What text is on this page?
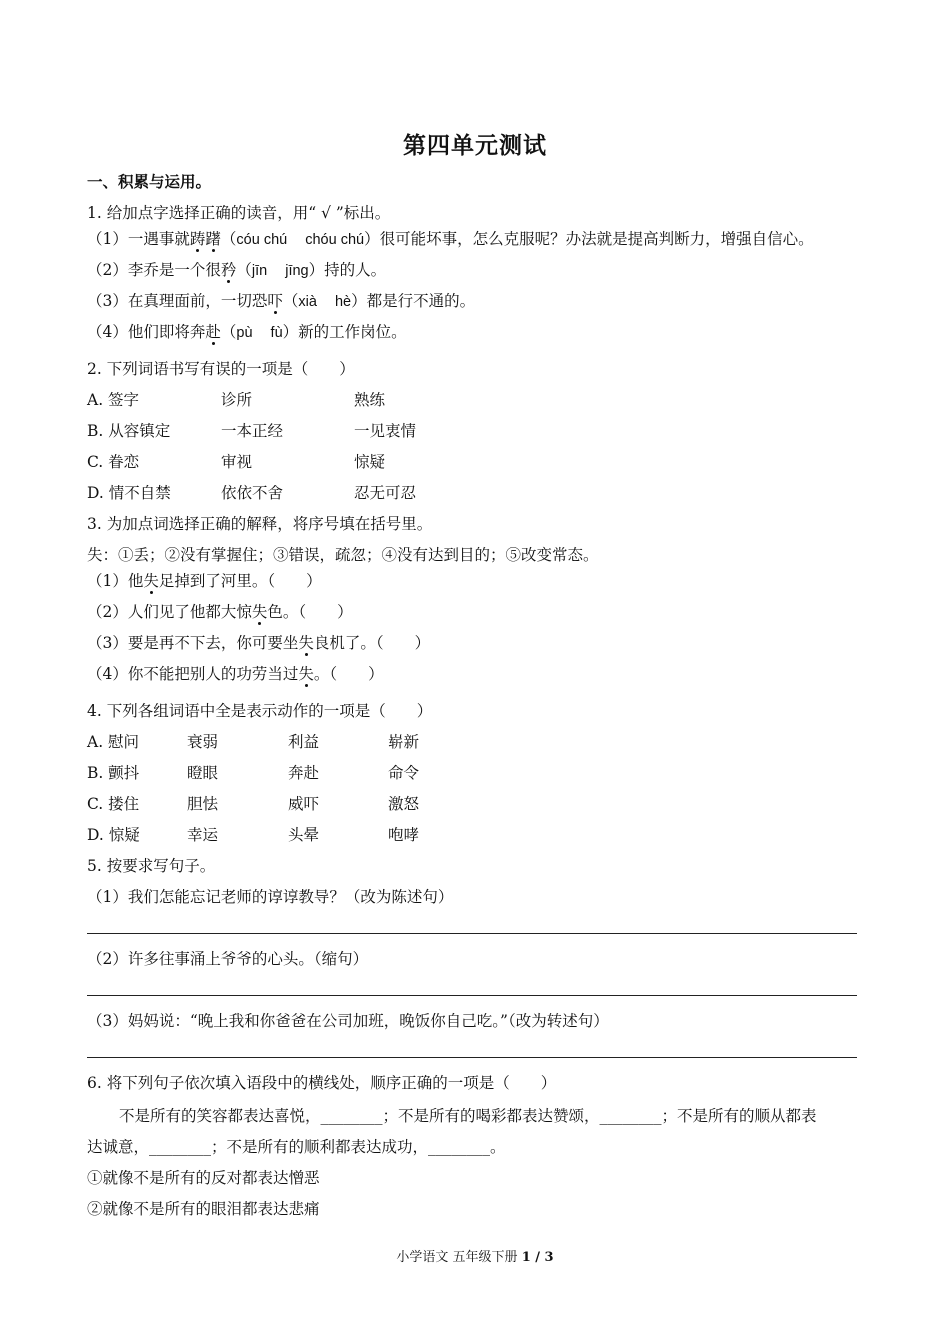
第四单元测试
一、积累与运用。
1. 给加点字选择正确的读音，用“ √ ”标出。
（1）一遇事就踌躇（cóu chú chóu chú）很可能坏事，怎么克服呢？办法就是提高判断力，增强自信心。
（2）李乔是一个很矜（jīn jīng）持的人。
（3）在真理面前，一切恐吓（xià hè）都是行不通的。
（4）他们即将奔赴（pù fù）新的工作岗位。
2. 下列词语书写有误的一项是（　　）
A. 签字	诊所	熟练
B. 从容镇定	一本正经	一见衷情
C. 眷恋	审视	惊疑
D. 情不自禁	依依不舍	忍无可忍
3. 为加点词选择正确的解释，将序号填在括号里。
失：①丢；②没有掌握住；③错误，疏忽；④没有达到目的；⑤改变常态。
（1）他失足掉到了河里。（　　）
（2）人们见了他都大惊失色。（　　）
（3）要是再不下去，你可要坐失良机了。（　　）
（4）你不能把别人的功劳当过失。（　　）
4. 下列各组词语中全是表示动作的一项是（　　）
A. 慰问	衰弱	利益	崭新
B. 颤抖	瞪眼	奔赴	命令
C. 搂住	胆怯	威吓	激怒
D. 惊疑	幸运	头晕	咆哮
5. 按要求写句子。
（1）我们怎能忘记老师的谆谆教导？（改为陈述句）
（2）许多往事涌上爷爷的心头。（缩句）
（3）妈妈说：“晚上我和你爸爸在公司加班，晚饭你自己吃。”（改为转述句）
6. 将下列句子依次填入语段中的横线处，顺序正确的一项是（　　）
不是所有的笑容都表达喜悦，________；不是所有的喝彩都表达赞颂，________；不是所有的顺从都表
达诚意，________；不是所有的顺利都表达成功，________。
①就像不是所有的反对都表达憎恶
②就像不是所有的眼泪都表达悲痛
小学语文 五年级下册 1 / 3
